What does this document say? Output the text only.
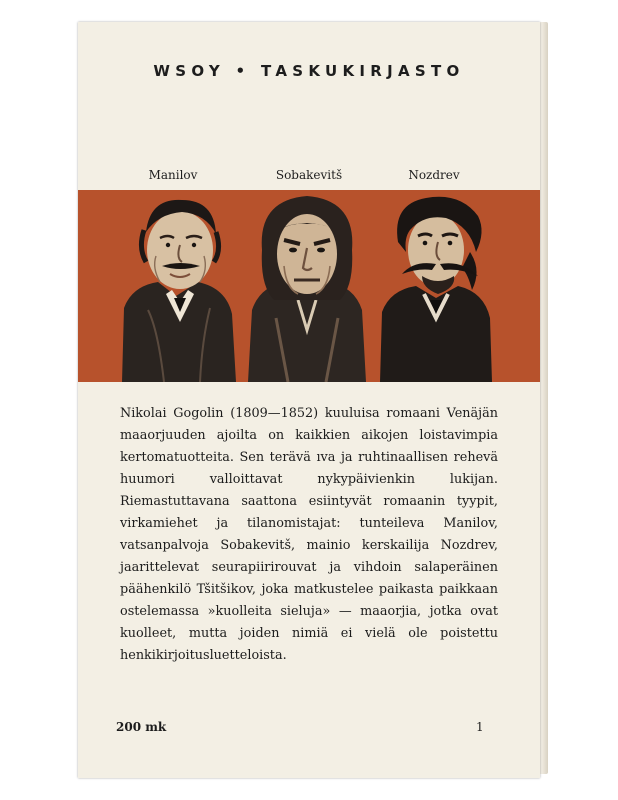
WSOY • TASKUKIRJASTO
Manilov	Sobakevitš	Nozdrev

Nikolai Gogolin (1809—1852) kuuluisa romaani Venäjän maaorjuuden ajoilta on kaikkien aikojen loistavimpia kertomatuotteita. Sen terävä ıva ja ruhtinaallisen rehevä huumori valloittavat nykypäivienkin lukijan. Riemastuttavana saattona esiintyvät romaanin tyypit, virkamiehet ja tilanomistajat: tunteileva Manilov, vatsanpalvoja Sobakevitš, mainio kerskailija Nozdrev, jaarittelevat seurapiirirouvat ja vihdoin salaperäinen päähenkilö Tšitšikov, joka matkustelee paikasta paikkaan ostelemassa »kuolleita sieluja» — maaorjia, jotka ovat kuolleet, mutta joiden nimiä ei vielä ole poistettu henkikirjoitusluetteloista.

200 mk	1
